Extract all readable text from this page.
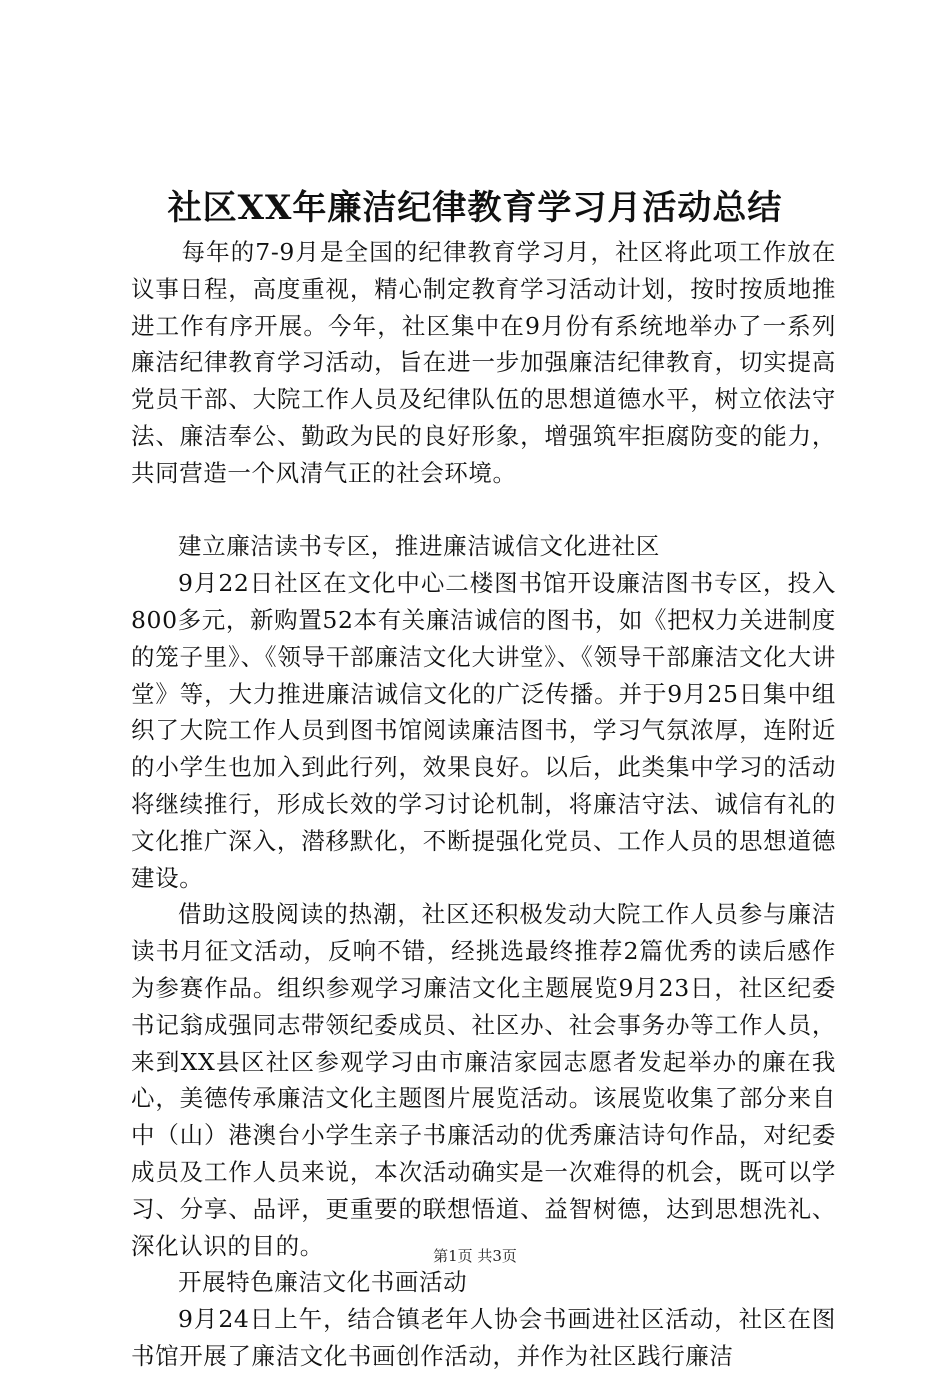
社区XX年廉洁纪律教育学习月活动总结

每年的7-9月是全国的纪律教育学习月，社区将此项工作放在议事日程，高度重视，精心制定教育学习活动计划，按时按质地推进工作有序开展。今年，社区集中在9月份有系统地举办了一系列廉洁纪律教育学习活动，旨在进一步加强廉洁纪律教育，切实提高党员干部、大院工作人员及纪律队伍的思想道德水平，树立依法守法、廉洁奉公、勤政为民的良好形象，增强筑牢拒腐防变的能力，共同营造一个风清气正的社会环境。

建立廉洁读书专区，推进廉洁诚信文化进社区

9月22日社区在文化中心二楼图书馆开设廉洁图书专区，投入800多元，新购置52本有关廉洁诚信的图书，如《把权力关进制度的笼子里》、《领导干部廉洁文化大讲堂》、《领导干部廉洁文化大讲堂》等，大力推进廉洁诚信文化的广泛传播。并于9月25日集中组织了大院工作人员到图书馆阅读廉洁图书，学习气氛浓厚，连附近的小学生也加入到此行列，效果良好。以后，此类集中学习的活动将继续推行，形成长效的学习讨论机制，将廉洁守法、诚信有礼的文化推广深入，潜移默化，不断提强化党员、工作人员的思想道德建设。

借助这股阅读的热潮，社区还积极发动大院工作人员参与廉洁读书月征文活动，反响不错，经挑选最终推荐2篇优秀的读后感作为参赛作品。组织参观学习廉洁文化主题展览9月23日，社区纪委书记翁成强同志带领纪委成员、社区办、社会事务办等工作人员，来到XX县区社区参观学习由市廉洁家园志愿者发起举办的廉在我心，美德传承廉洁文化主题图片展览活动。该展览收集了部分来自中（山）港澳台小学生亲子书廉活动的优秀廉洁诗句作品，对纪委成员及工作人员来说，本次活动确实是一次难得的机会，既可以学习、分享、品评，更重要的联想悟道、益智树德，达到思想洗礼、深化认识的目的。

开展特色廉洁文化书画活动

9月24日上午，结合镇老年人协会书画进社区活动，社区在图书馆开展了廉洁文化书画创作活动，并作为社区践行廉洁

第1页 共3页
